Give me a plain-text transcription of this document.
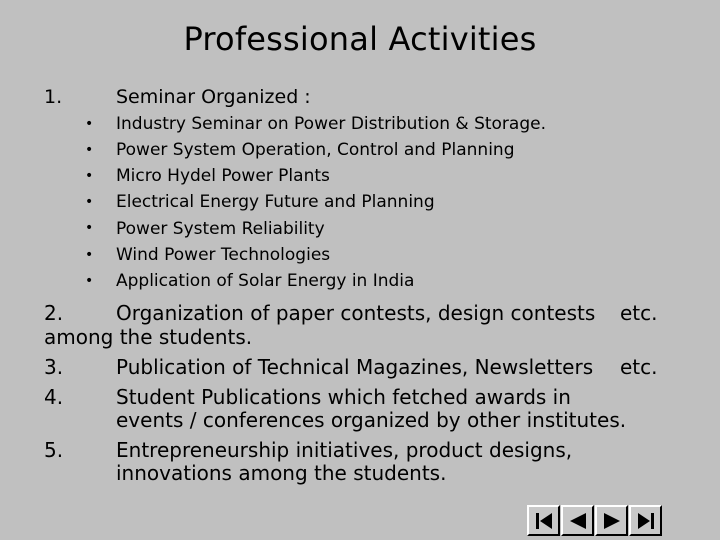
Professional Activities
1.	Seminar Organized :
• Industry Seminar on Power Distribution & Storage.
• Power System Operation, Control and Planning
• Micro Hydel Power Plants
• Electrical Energy Future and Planning
• Power System Reliability
• Wind Power Technologies
• Application of Solar Energy in India
2.	Organization of paper contests, design contests etc.
among the students.
3.	Publication of Technical Magazines, Newsletters etc.
4.	Student Publications which fetched awards in
events / conferences organized by other institutes.
5.	Entrepreneurship initiatives, product designs,
innovations among the students.
